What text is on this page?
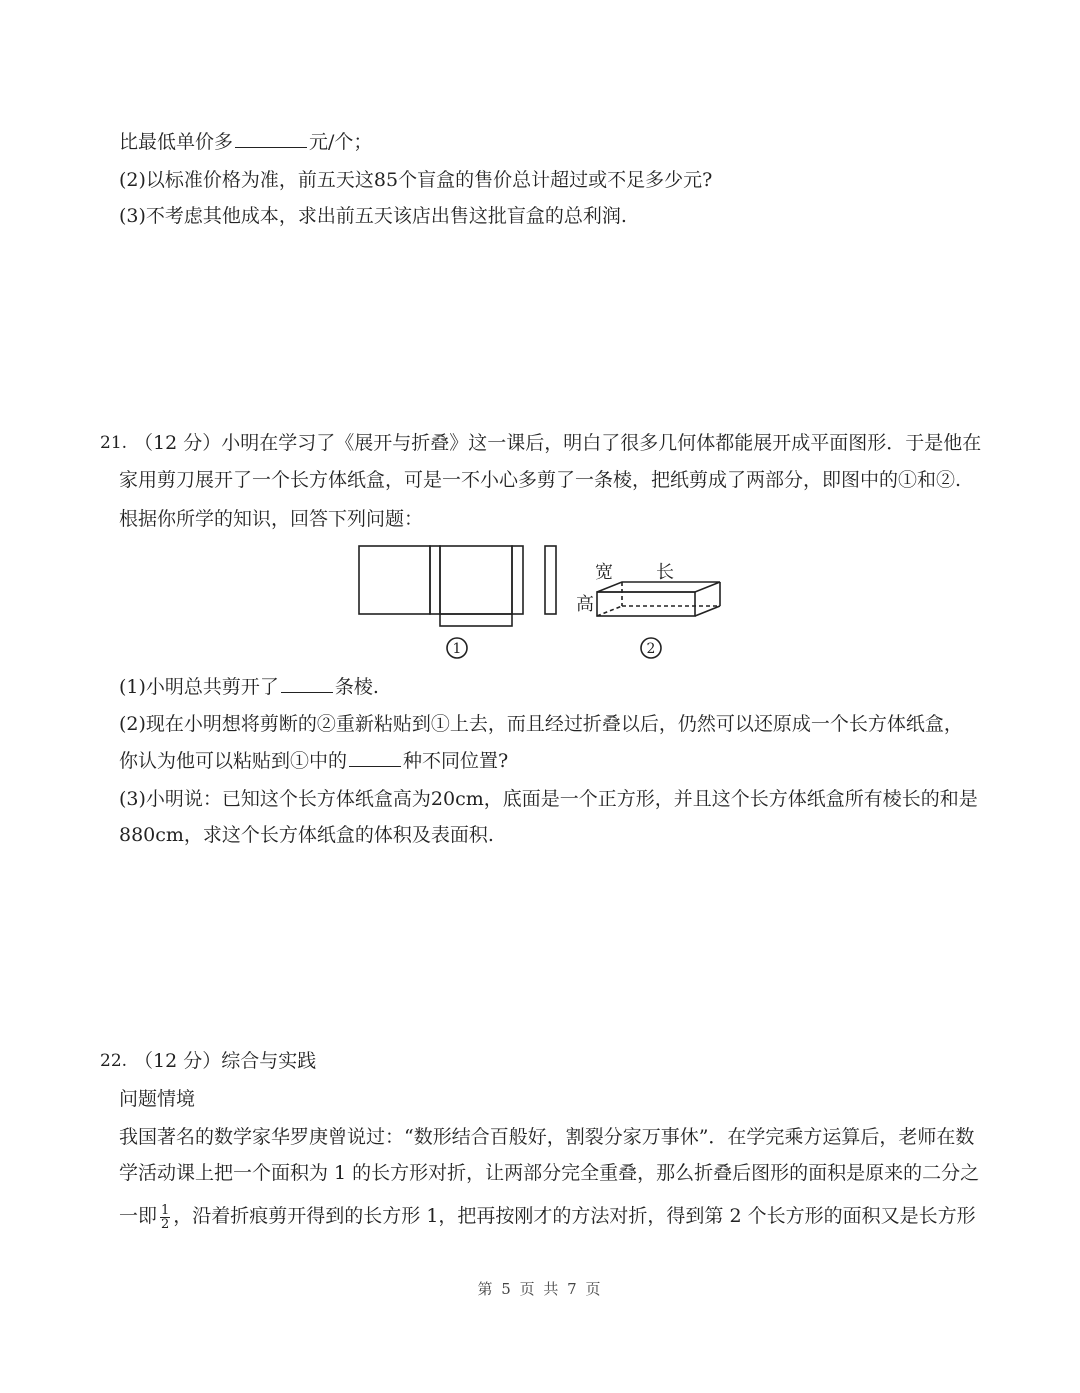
比最低单价多	元/个；
(2)以标准价格为准，前五天这85个盲盒的售价总计超过或不足多少元?
(3)不考虑其他成本，求出前五天该店出售这批盲盒的总利润.
21. （12 分）小明在学习了《展开与折叠》这一课后，明白了很多几何体都能展开成平面图形．于是他在
家用剪刀展开了一个长方体纸盒，可是一不小心多剪了一条棱，把纸剪成了两部分，即图中的①和②.
根据你所学的知识，回答下列问题：
1	2
宽 长
高
(1)小明总共剪开了	条棱.
(2)现在小明想将剪断的②重新粘贴到①上去，而且经过折叠以后，仍然可以还原成一个长方体纸盒，
你认为他可以粘贴到①中的	种不同位置?
(3)小明说：已知这个长方体纸盒高为20cm，底面是一个正方形，并且这个长方体纸盒所有棱长的和是
880cm，求这个长方体纸盒的体积及表面积.
22. （12 分）综合与实践
问题情境
我国著名的数学家华罗庚曾说过：“数形结合百般好，割裂分家万事休”．在学完乘方运算后，老师在数
学活动课上把一个面积为 1 的长方形对折，让两部分完全重叠，那么折叠后图形的面积是原来的二分之
一即 $\frac{1}{2}$ ，沿着折痕剪开得到的长方形 1，把再按刚才的方法对折，得到第 2 个长方形的面积又是长方形
第 5 页 共 7 页
